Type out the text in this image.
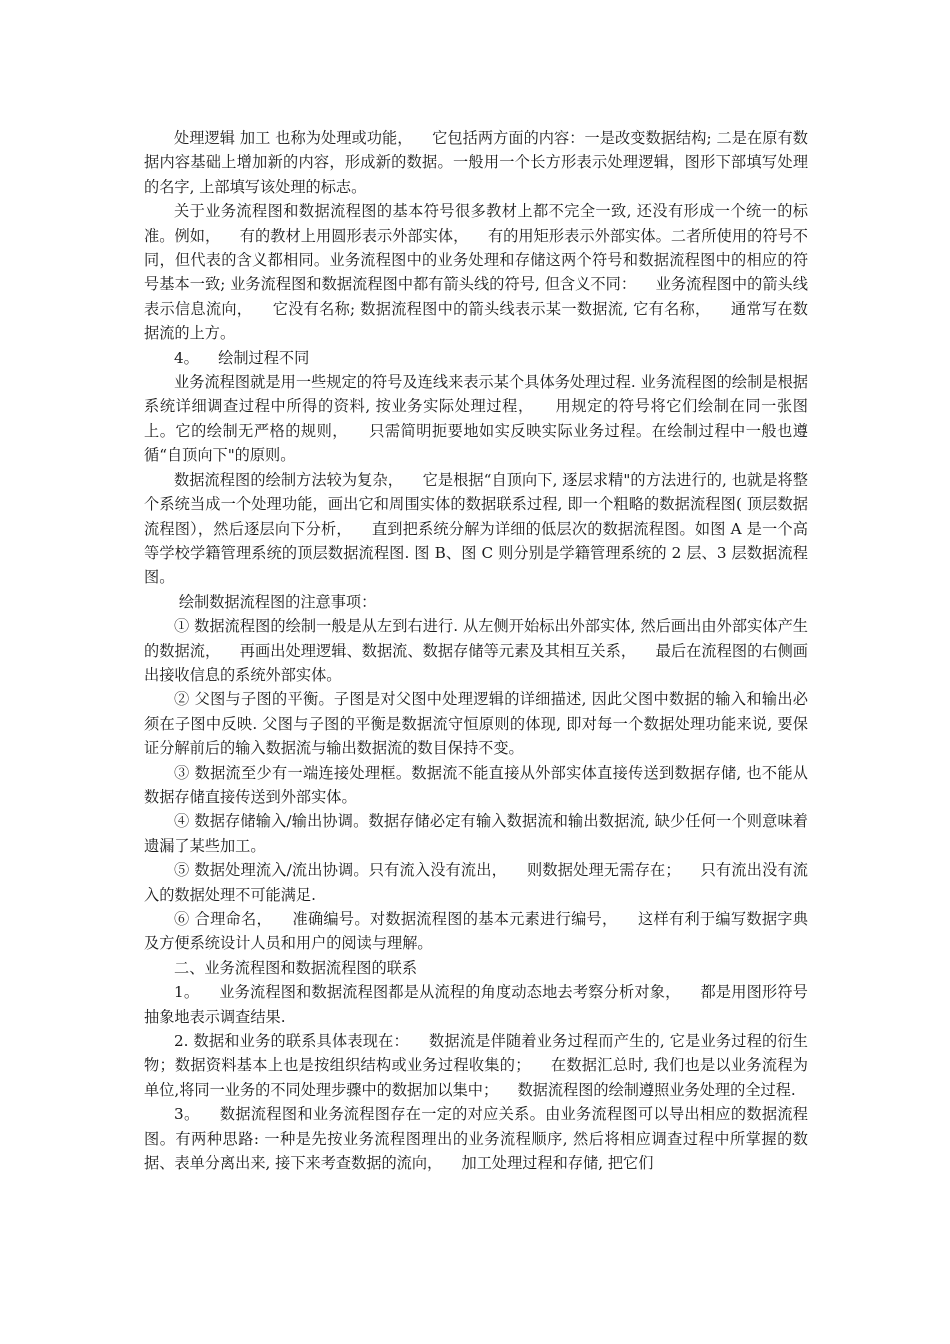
处理逻辑 加工 也称为处理或功能，    它包括两方面的内容：一是改变数据结构; 二是在原有数据内容基础上增加新的内容，形成新的数据。一般用一个长方形表示处理逻辑，图形下部填写处理的名字, 上部填写该处理的标志。

关于业务流程图和数据流程图的基本符号很多教材上都不完全一致, 还没有形成一个统一的标准。例如，    有的教材上用圆形表示外部实体，    有的用矩形表示外部实体。二者所使用的符号不同，但代表的含义都相同。业务流程图中的业务处理和存储这两个符号和数据流程图中的相应的符号基本一致; 业务流程图和数据流程图中都有箭头线的符号, 但含义不同：    业务流程图中的箭头线表示信息流向，    它没有名称; 数据流程图中的箭头线表示某一数据流, 它有名称，    通常写在数据流的上方。

4。    绘制过程不同

业务流程图就是用一些规定的符号及连线来表示某个具体务处理过程. 业务流程图的绘制是根据系统详细调查过程中所得的资料, 按业务实际处理过程，    用规定的符号将它们绘制在同一张图上。它的绘制无严格的规则，    只需简明扼要地如实反映实际业务过程。在绘制过程中一般也遵循“自顶向下"的原则。

数据流程图的绘制方法较为复杂，    它是根据“自顶向下, 逐层求精"的方法进行的, 也就是将整个系统当成一个处理功能，画出它和周围实体的数据联系过程, 即一个粗略的数据流程图( 顶层数据流程图），然后逐层向下分析，    直到把系统分解为详细的低层次的数据流程图。如图 A 是一个高等学校学籍管理系统的顶层数据流程图. 图 B、图 C 则分别是学籍管理系统的 2 层、3 层数据流程图。

绘制数据流程图的注意事项：

① 数据流程图的绘制一般是从左到右进行. 从左侧开始标出外部实体, 然后画出由外部实体产生的数据流，    再画出处理逻辑、数据流、数据存储等元素及其相互关系，    最后在流程图的右侧画出接收信息的系统外部实体。

② 父图与子图的平衡。子图是对父图中处理逻辑的详细描述, 因此父图中数据的输入和输出必须在子图中反映. 父图与子图的平衡是数据流守恒原则的体现, 即对每一个数据处理功能来说, 要保证分解前后的输入数据流与输出数据流的数目保持不变。

③ 数据流至少有一端连接处理框。数据流不能直接从外部实体直接传送到数据存储, 也不能从数据存储直接传送到外部实体。

④ 数据存储输入/输出协调。数据存储必定有输入数据流和输出数据流, 缺少任何一个则意味着遗漏了某些加工。

⑤ 数据处理流入/流出协调。只有流入没有流出，    则数据处理无需存在；    只有流出没有流入的数据处理不可能满足.

⑥ 合理命名，    准确编号。对数据流程图的基本元素进行编号，    这样有利于编写数据字典及方便系统设计人员和用户的阅读与理解。

二、业务流程图和数据流程图的联系

1。    业务流程图和数据流程图都是从流程的角度动态地去考察分析对象，    都是用图形符号抽象地表示调查结果.

2. 数据和业务的联系具体表现在：    数据流是伴随着业务过程而产生的, 它是业务过程的衍生物；数据资料基本上也是按组织结构或业务过程收集的；    在数据汇总时, 我们也是以业务流程为单位,将同一业务的不同处理步骤中的数据加以集中；    数据流程图的绘制遵照业务处理的全过程.

3。    数据流程图和业务流程图存在一定的对应关系。由业务流程图可以导出相应的数据流程图。有两种思路: 一种是先按业务流程图理出的业务流程顺序, 然后将相应调查过程中所掌握的数据、表单分离出来, 接下来考查数据的流向，    加工处理过程和存储, 把它们
